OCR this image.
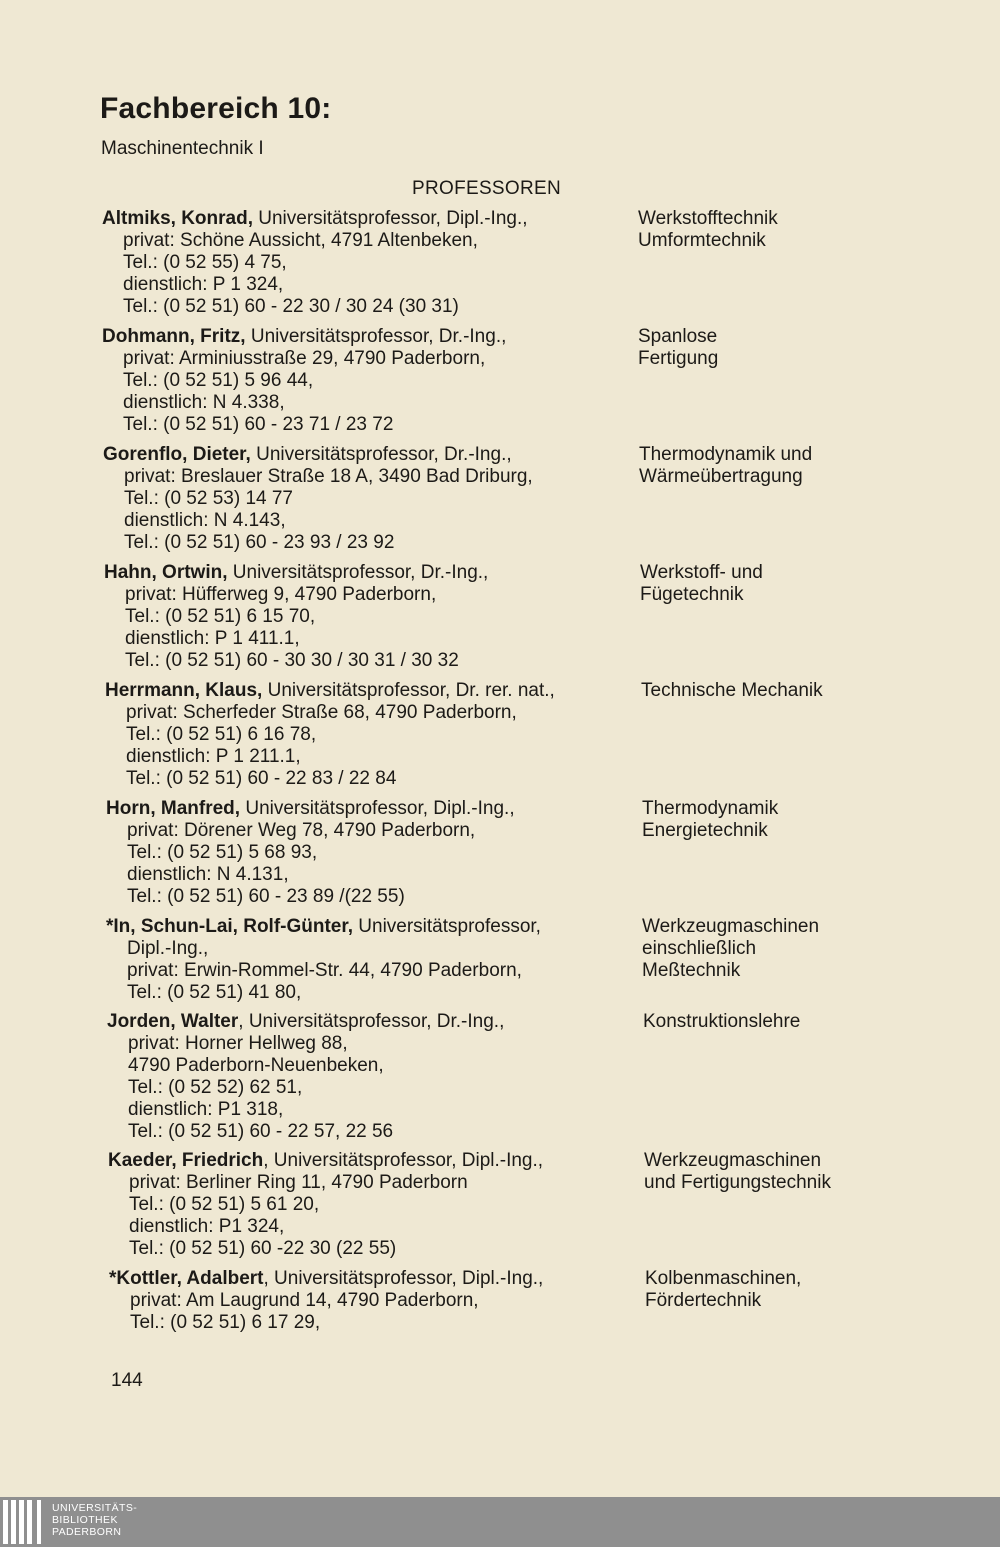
Fachbereich 10:

Maschinentechnik I

PROFESSOREN

Altmiks, Konrad, Universitätsprofessor, Dipl.-Ing.,
privat: Schöne Aussicht, 4791 Altenbeken,
Tel.: (0 52 55) 4 75,
dienstlich: P 1 324,
Tel.: (0 52 51) 60 - 22 30 / 30 24 (30 31)
Werkstofftechnik
Umformtechnik
Dohmann, Fritz, Universitätsprofessor, Dr.-Ing.,
privat: Arminiusstraße 29, 4790 Paderborn,
Tel.: (0 52 51) 5 96 44,
dienstlich: N 4.338,
Tel.: (0 52 51) 60 - 23 71 / 23 72
Spanlose
Fertigung
Gorenflo, Dieter, Universitätsprofessor, Dr.-Ing.,
privat: Breslauer Straße 18 A, 3490 Bad Driburg,
Tel.: (0 52 53) 14 77
dienstlich: N 4.143,
Tel.: (0 52 51) 60 - 23 93 / 23 92
Thermodynamik und
Wärmeübertragung
Hahn, Ortwin, Universitätsprofessor, Dr.-Ing.,
privat: Hüfferweg 9, 4790 Paderborn,
Tel.: (0 52 51) 6 15 70,
dienstlich: P 1 411.1,
Tel.: (0 52 51) 60 - 30 30 / 30 31 / 30 32
Werkstoff- und
Fügetechnik
Herrmann, Klaus, Universitätsprofessor, Dr. rer. nat.,
privat: Scherfeder Straße 68, 4790 Paderborn,
Tel.: (0 52 51) 6 16 78,
dienstlich: P 1 211.1,
Tel.: (0 52 51) 60 - 22 83 / 22 84
Technische Mechanik
Horn, Manfred, Universitätsprofessor, Dipl.-Ing.,
privat: Dörener Weg 78, 4790 Paderborn,
Tel.: (0 52 51) 5 68 93,
dienstlich: N 4.131,
Tel.: (0 52 51) 60 - 23 89 /(22 55)
Thermodynamik
Energietechnik
*In, Schun-Lai, Rolf-Günter, Universitätsprofessor,
Dipl.-Ing.,
privat: Erwin-Rommel-Str. 44, 4790 Paderborn,
Tel.: (0 52 51) 41 80,
Werkzeugmaschinen
einschließlich
Meßtechnik
Jorden, Walter, Universitätsprofessor, Dr.-Ing.,
privat: Horner Hellweg 88,
4790 Paderborn-Neuenbeken,
Tel.: (0 52 52) 62 51,
dienstlich: P1 318,
Tel.: (0 52 51) 60 - 22 57, 22 56
Konstruktionslehre
Kaeder, Friedrich, Universitätsprofessor, Dipl.-Ing.,
privat: Berliner Ring 11, 4790 Paderborn
Tel.: (0 52 51) 5 61 20,
dienstlich: P1 324,
Tel.: (0 52 51) 60 -22 30 (22 55)
Werkzeugmaschinen
und Fertigungstechnik
*Kottler, Adalbert, Universitätsprofessor, Dipl.-Ing.,
privat: Am Laugrund 14, 4790 Paderborn,
Tel.: (0 52 51) 6 17 29,
Kolbenmaschinen,
Fördertechnik

144

UNIVERSITÄTS-
BIBLIOTHEK
PADERBORN
